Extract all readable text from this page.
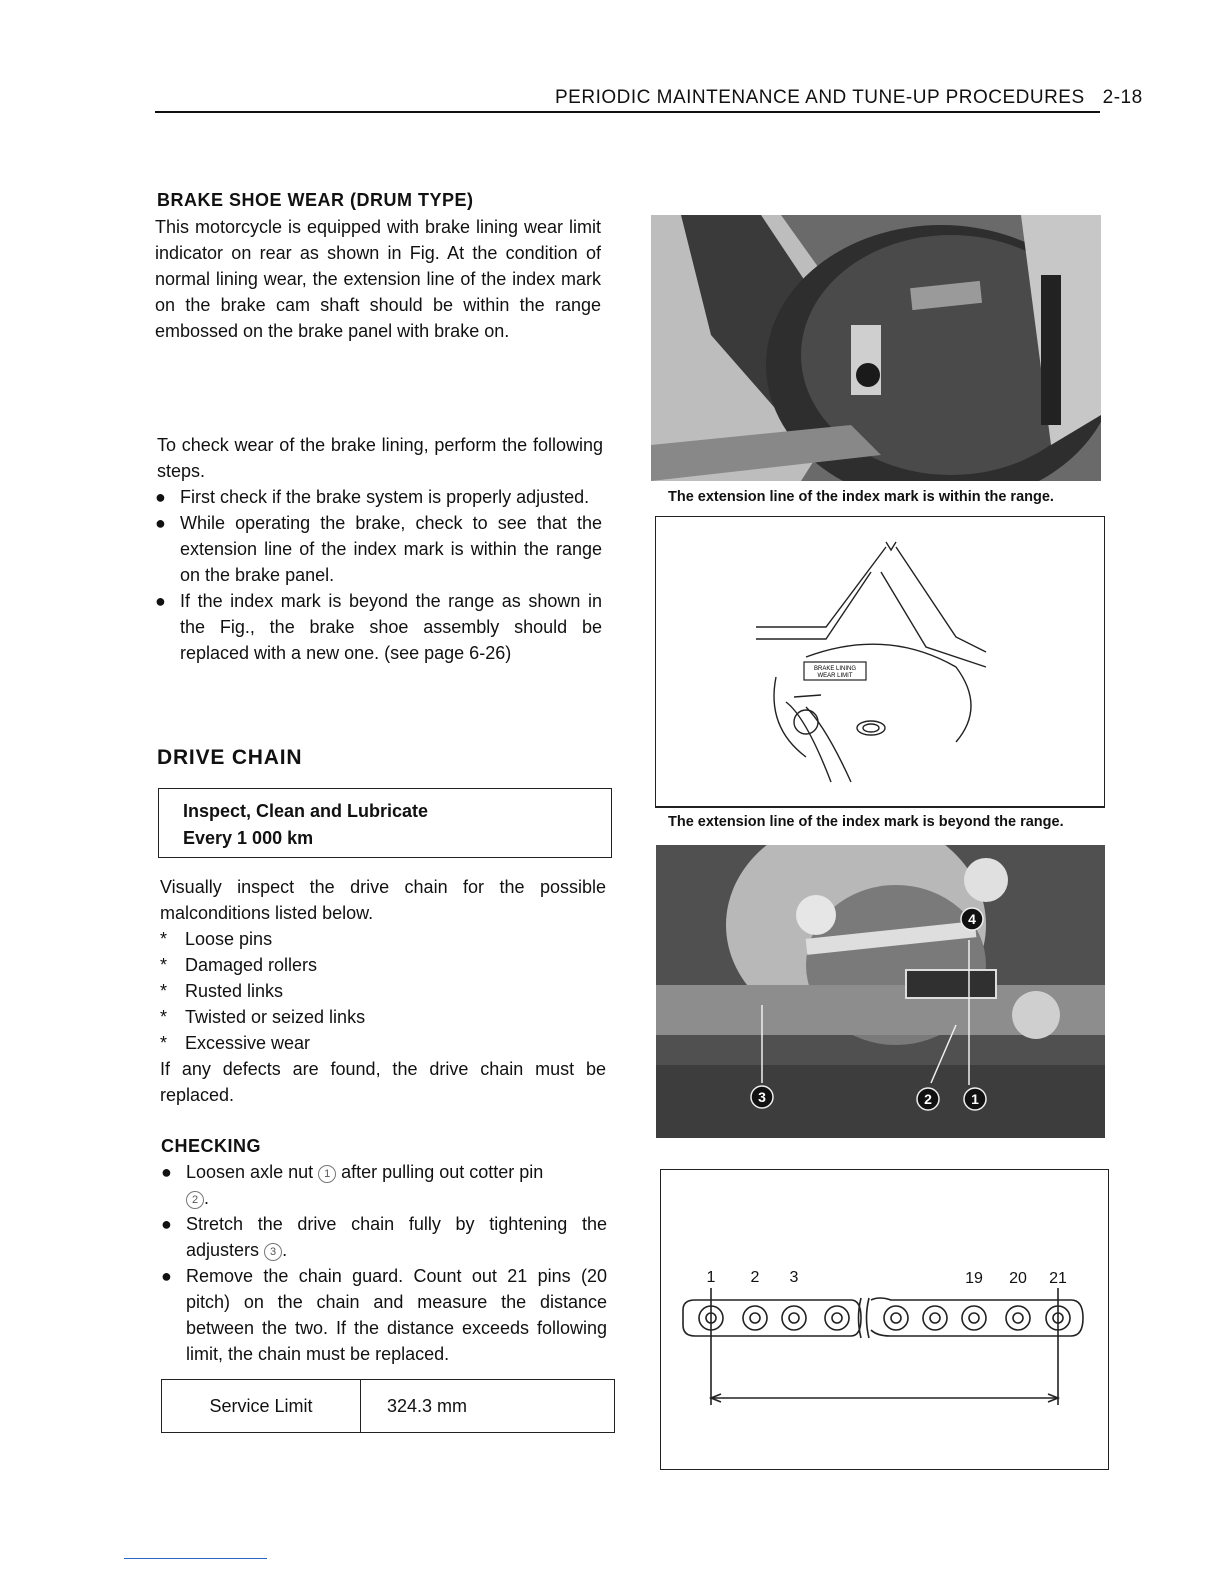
PERIODIC MAINTENANCE AND TUNE-UP PROCEDURES 2-18
BRAKE SHOE WEAR (DRUM TYPE)
This motorcycle is equipped with brake lining wear limit indicator on rear as shown in Fig. At the condition of normal lining wear, the extension line of the index mark on the brake cam shaft should be within the range embossed on the brake panel with brake on.
To check wear of the brake lining, perform the following steps.
● First check if the brake system is properly adjusted.
● While operating the brake, check to see that the extension line of the index mark is within the range on the brake panel.
● If the index mark is beyond the range as shown in the Fig., the brake shoe assembly should be replaced with a new one. (see page 6-26)
DRIVE CHAIN
Inspect, Clean and Lubricate
Every 1 000 km
Visually inspect the drive chain for the possible malconditions listed below.
* Loose pins
* Damaged rollers
* Rusted links
* Twisted or seized links
* Excessive wear
If any defects are found, the drive chain must be replaced.
CHECKING
● Loosen axle nut 1 after pulling out cotter pin
2 .
● Stretch the drive chain fully by tightening the adjusters 3 .
● Remove the chain guard. Count out 21 pins (20 pitch) on the chain and measure the distance between the two. If the distance exceeds following limit, the chain must be replaced.
Service Limit	324.3 mm
The extension line of the index mark is within the range.
BRAKE LINING
WEAR LIMIT
The extension line of the index mark is beyond the range.
4
3	2	1
1 2 3	19 20 21
